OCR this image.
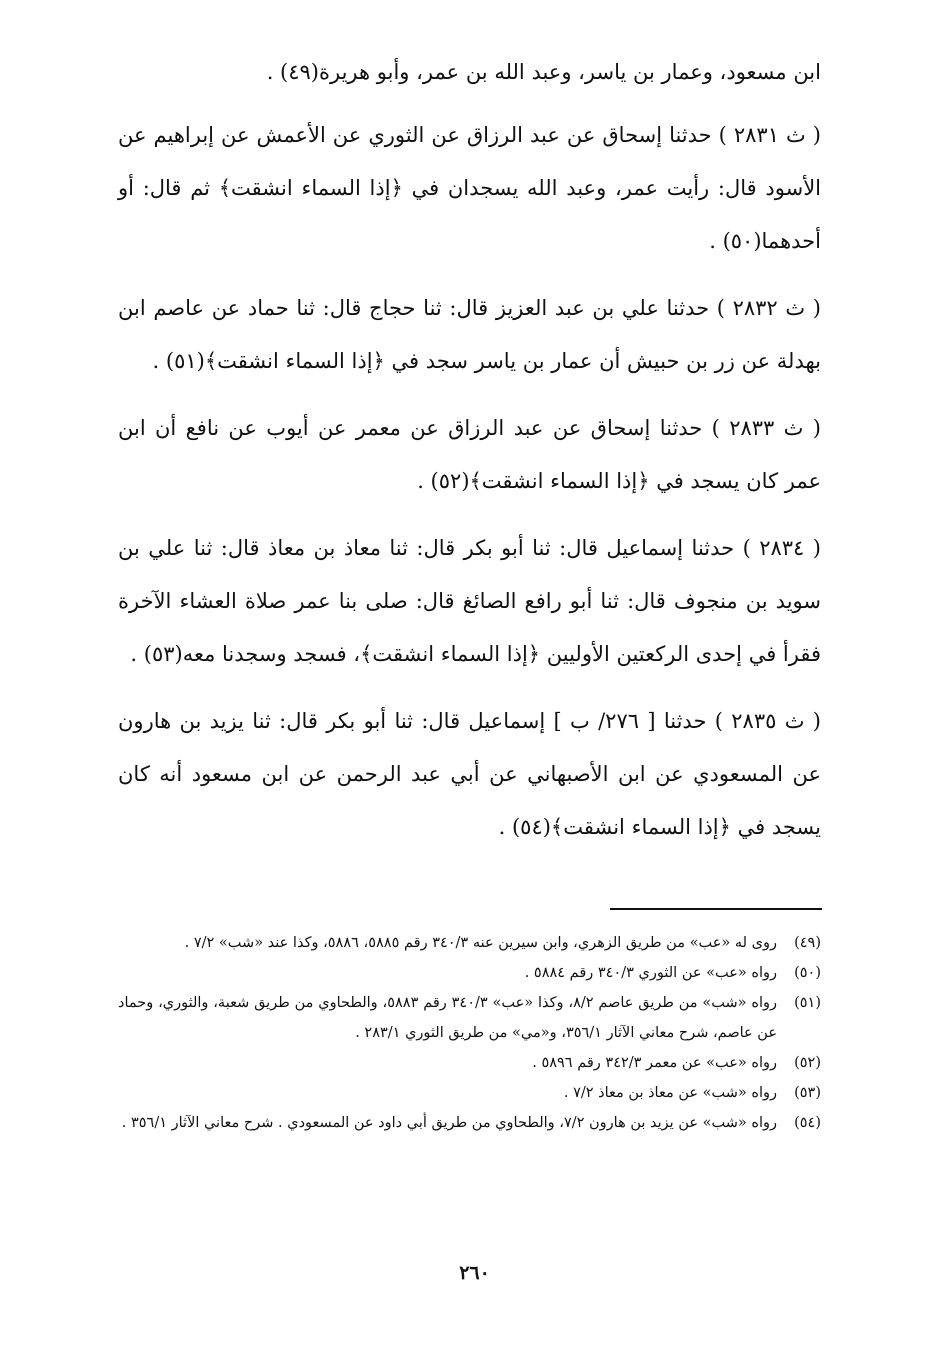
ابن مسعود، وعمار بن ياسر، وعبد الله بن عمر، وأبو هريرة(٤٩) .

( ث ٢٨٣١ ) حدثنا إسحاق عن عبد الرزاق عن الثوري عن الأعمش عن إبراهيم عن الأسود قال: رأيت عمر، وعبد الله يسجدان في ﴿إذا السماء انشقت﴾ ثم قال: أو أحدهما(٥٠) .

( ث ٢٨٣٢ ) حدثنا علي بن عبد العزيز قال: ثنا حجاج قال: ثنا حماد عن عاصم ابن بهدلة عن زر بن حبيش أن عمار بن ياسر سجد في ﴿إذا السماء انشقت﴾(٥١) .

( ث ٢٨٣٣ ) حدثنا إسحاق عن عبد الرزاق عن معمر عن أيوب عن نافع أن ابن عمر كان يسجد في ﴿إذا السماء انشقت﴾(٥٢) .

( ٢٨٣٤ ) حدثنا إسماعيل قال: ثنا أبو بكر قال: ثنا معاذ بن معاذ قال: ثنا علي بن سويد بن منجوف قال: ثنا أبو رافع الصائغ قال: صلى بنا عمر صلاة العشاء الآخرة فقرأ في إحدى الركعتين الأوليين ﴿إذا السماء انشقت﴾، فسجد وسجدنا معه(٥٣) .

( ث ٢٨٣٥ ) حدثنا [ ٢٧٦/ ب ] إسماعيل قال: ثنا أبو بكر قال: ثنا يزيد بن هارون عن المسعودي عن ابن الأصبهاني عن أبي عبد الرحمن عن ابن مسعود أنه كان يسجد في ﴿إذا السماء انشقت﴾(٥٤) .

(٤٩)
روى له «عب» من طريق الزهري، وابن سيرين عنه ٣٤٠/٣ رقم ٥٨٨٥، ٥٨٨٦، وكذا عند «شب» ٧/٢ .

(٥٠)
رواه «عب» عن الثوري ٣٤٠/٣ رقم ٥٨٨٤ .

(٥١)
رواه «شب» من طريق عاصم ٨/٢، وكذا «عب» ٣٤٠/٣ رقم ٥٨٨٣، والطحاوي من طريق شعبة، والثوري، وحماد عن عاصم، شرح معاني الآثار ٣٥٦/١، و«مي» من طريق الثوري ٢٨٣/١ .

(٥٢)
رواه «عب» عن معمر ٣٤٢/٣ رقم ٥٨٩٦ .

(٥٣)
رواه «شب» عن معاذ بن معاذ ٧/٢ .

(٥٤)
رواه «شب» عن يزيد بن هارون ٧/٢، والطحاوي من طريق أبي داود عن المسعودي . شرح معاني الآثار ٣٥٦/١ .

٢٦٠
